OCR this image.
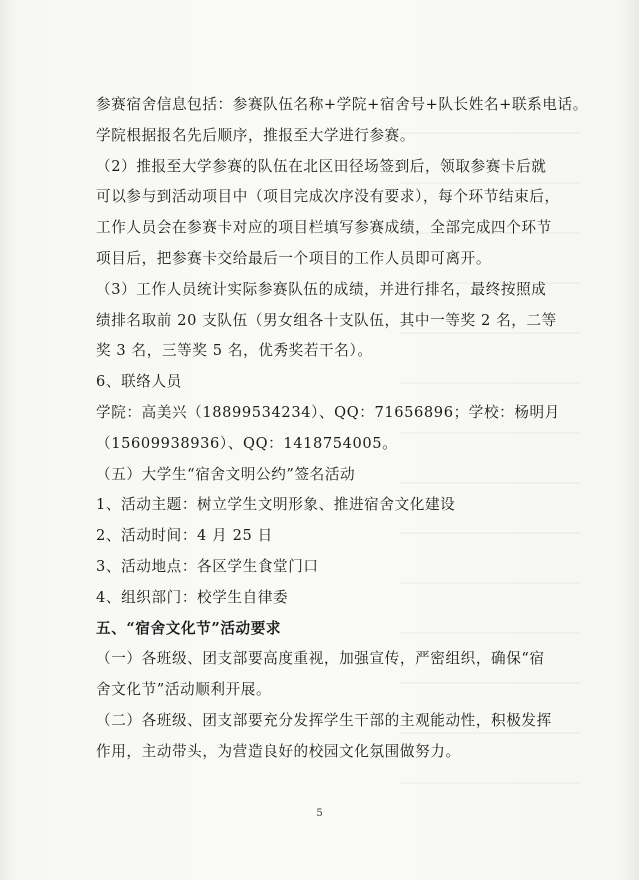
参赛宿舍信息包括：参赛队伍名称+学院+宿舍号+队长姓名+联系电话。

学院根据报名先后顺序，推报至大学进行参赛。

（2）推报至大学参赛的队伍在北区田径场签到后，领取参赛卡后就

可以参与到活动项目中（项目完成次序没有要求），每个环节结束后，

工作人员会在参赛卡对应的项目栏填写参赛成绩，全部完成四个环节

项目后，把参赛卡交给最后一个项目的工作人员即可离开。

（3）工作人员统计实际参赛队伍的成绩，并进行排名，最终按照成

绩排名取前 20 支队伍（男女组各十支队伍，其中一等奖 2 名，二等

奖 3 名，三等奖 5 名，优秀奖若干名）。

6、联络人员

学院：高美兴（18899534234）、QQ：71656896；学校：杨明月

（15609938936）、QQ：1418754005。

（五）大学生“宿舍文明公约”签名活动

1、活动主题：树立学生文明形象、推进宿舍文化建设

2、活动时间：4 月 25 日

3、活动地点：各区学生食堂门口

4、组织部门：校学生自律委

五、“宿舍文化节”活动要求

（一）各班级、团支部要高度重视，加强宣传，严密组织，确保“宿

舍文化节”活动顺利开展。

（二）各班级、团支部要充分发挥学生干部的主观能动性，积极发挥

作用，主动带头，为营造良好的校园文化氛围做努力。

5
